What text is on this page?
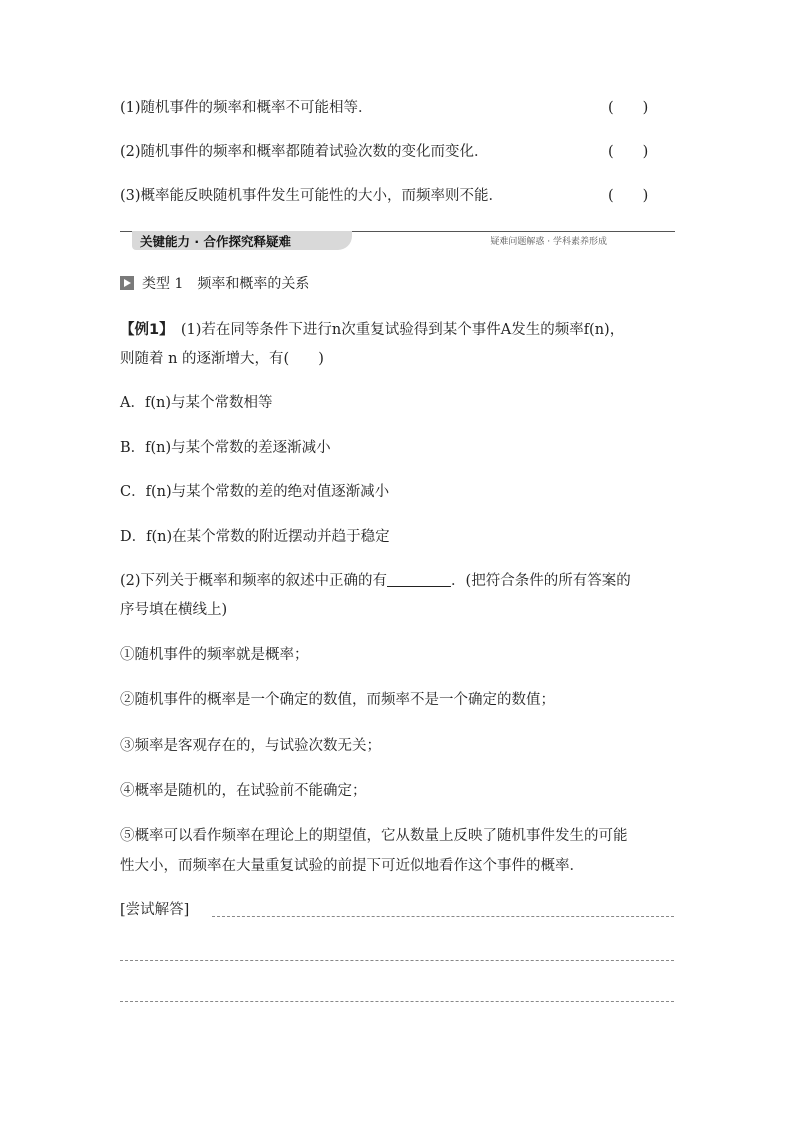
(1)随机事件的频率和概率不可能相等．	(　　)
(2)随机事件的频率和概率都随着试验次数的变化而变化．	(　　)
(3)概率能反映随机事件发生可能性的大小，而频率则不能．	(　　)
关键能力 · 合作探究释疑难	疑难问题解惑 · 学科素养形成
类型 1　频率和概率的关系
【例1】　(1)若在同等条件下进行n次重复试验得到某个事件A发生的频率f(n)，
则随着 n 的逐渐增大，有(　　)
A．f(n)与某个常数相等
B．f(n)与某个常数的差逐渐减小
C．f(n)与某个常数的差的绝对值逐渐减小
D．f(n)在某个常数的附近摆动并趋于稳定
(2)下列关于概率和频率的叙述中正确的有	．(把符合条件的所有答案的
序号填在横线上)
①随机事件的频率就是概率；
②随机事件的概率是一个确定的数值，而频率不是一个确定的数值；
③频率是客观存在的，与试验次数无关；
④概率是随机的，在试验前不能确定；
⑤概率可以看作频率在理论上的期望值，它从数量上反映了随机事件发生的可能
性大小，而频率在大量重复试验的前提下可近似地看作这个事件的概率．
[尝试解答]
